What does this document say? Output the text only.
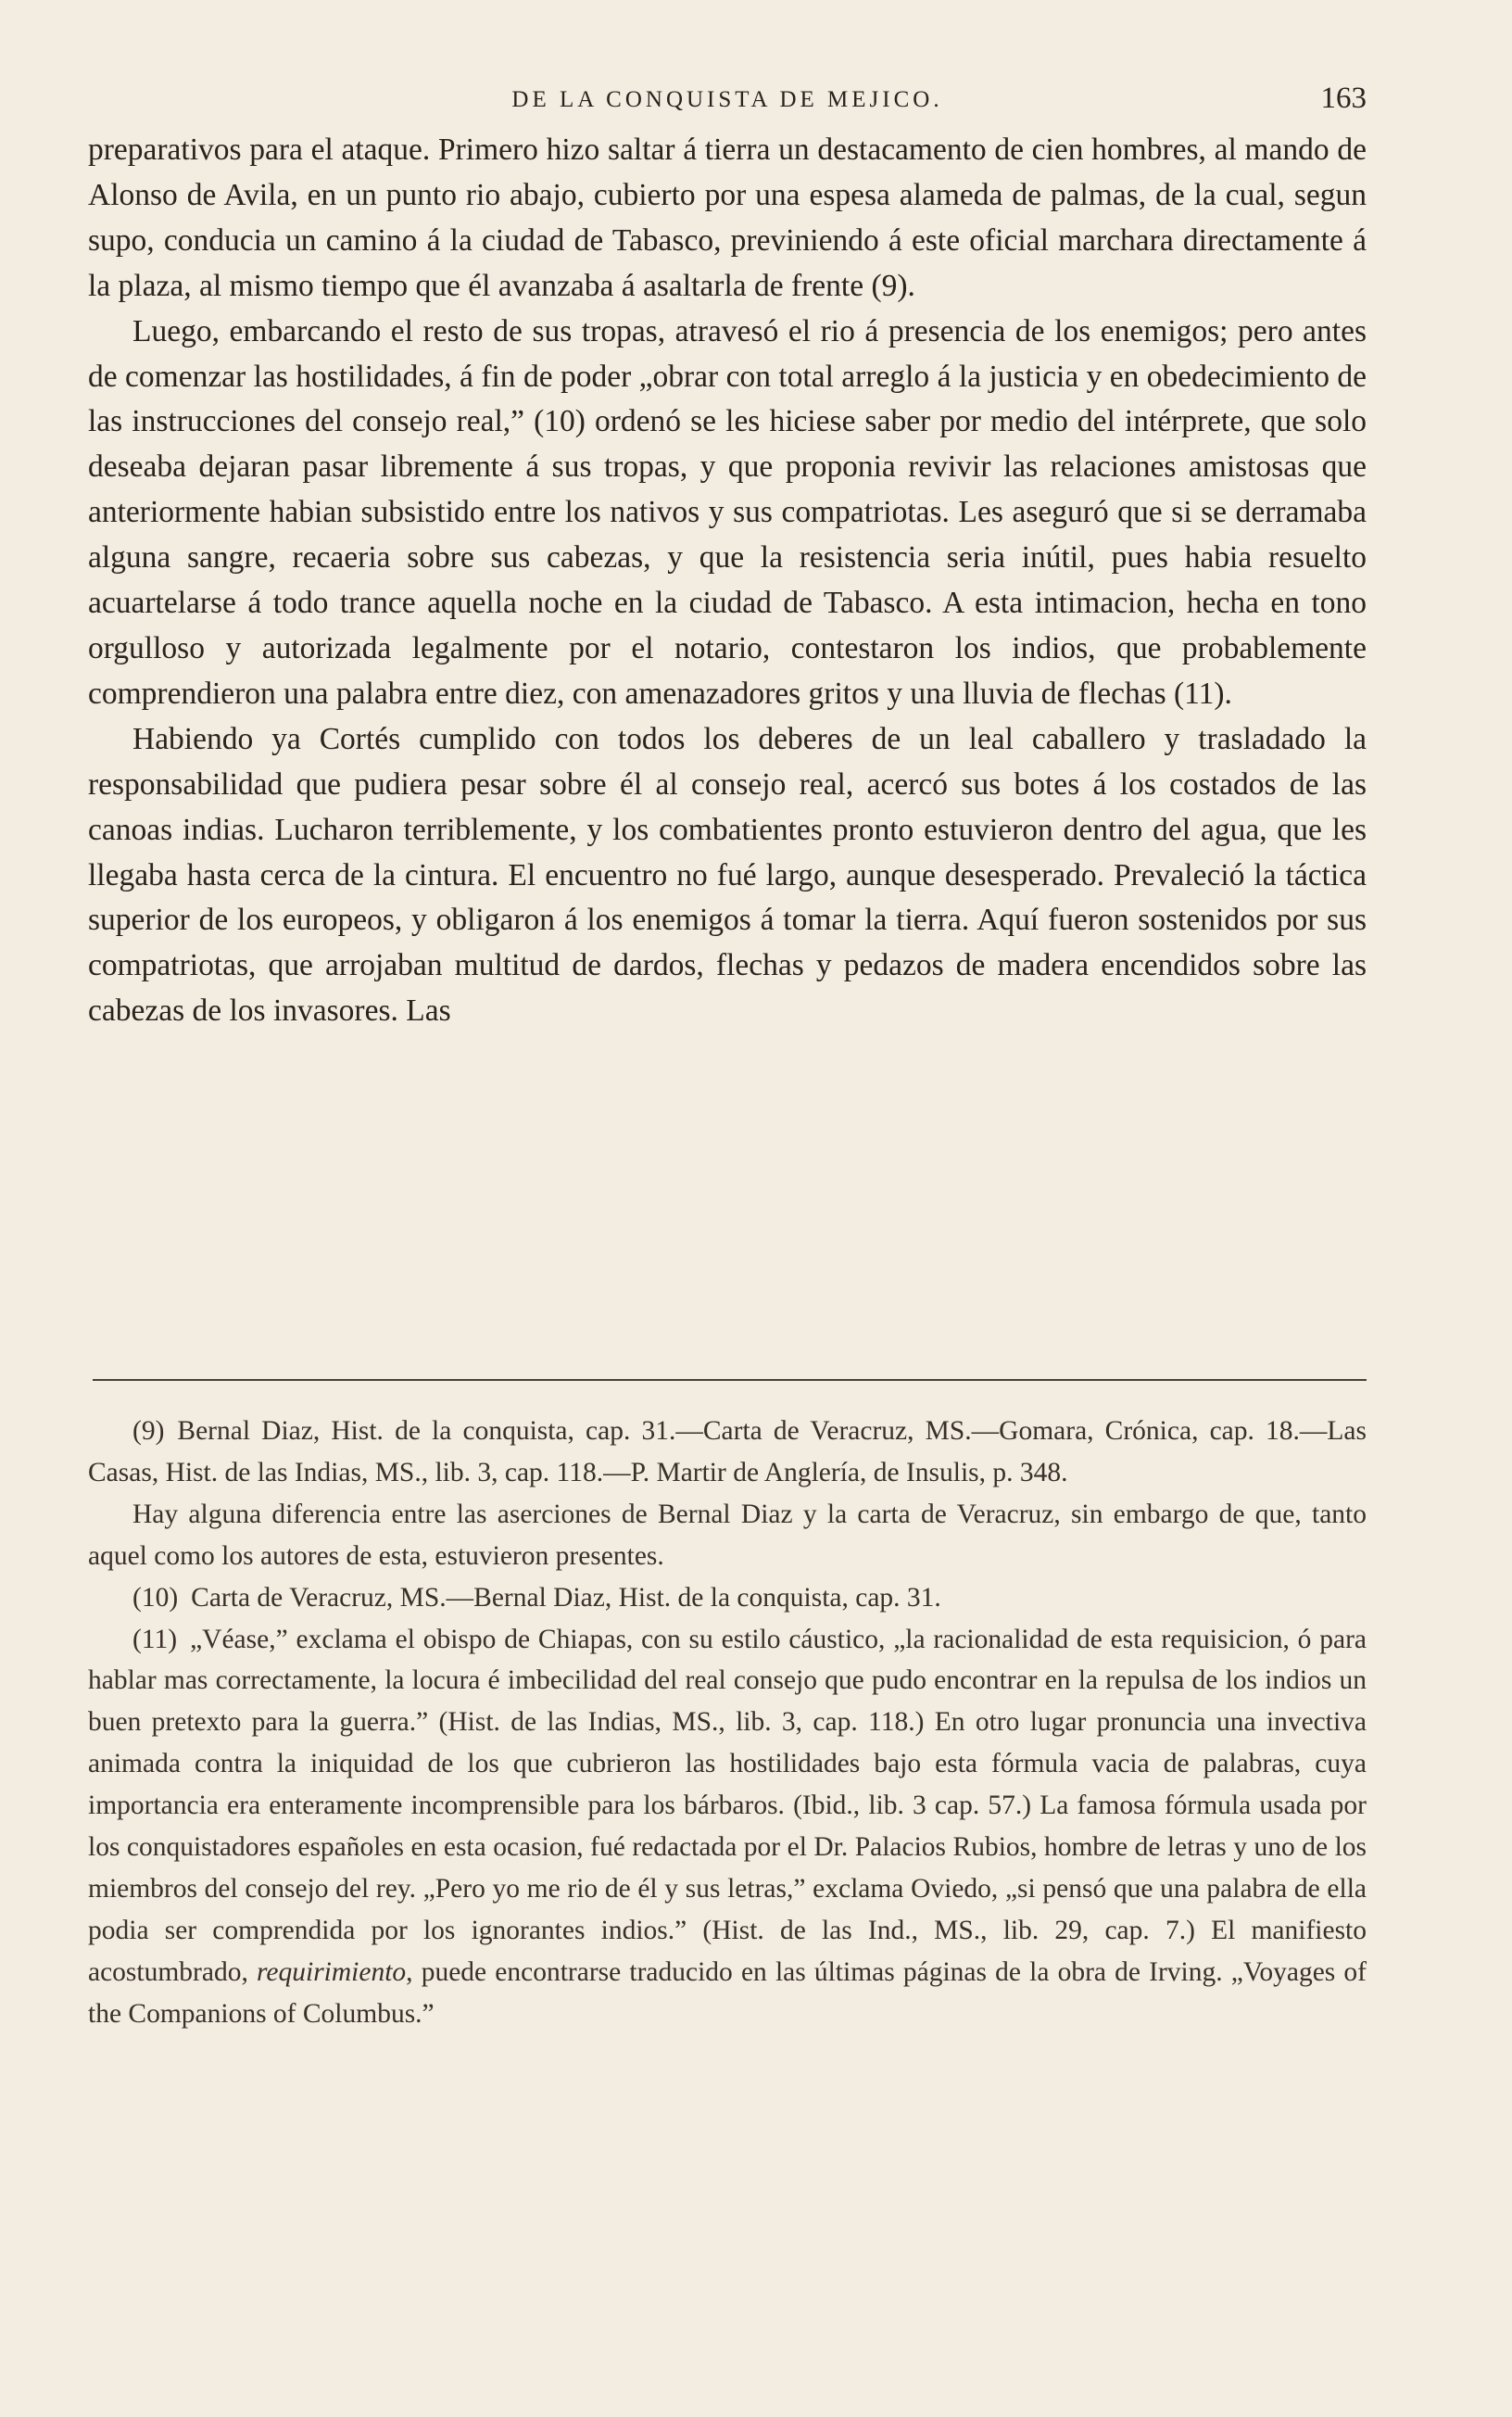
DE LA CONQUISTA DE MEJICO.	163

preparativos para el ataque. Primero hizo saltar á tierra un destacamento de cien hombres, al mando de Alonso de Avila, en un punto rio abajo, cubierto por una espesa alameda de palmas, de la cual, segun supo, conducia un camino á la ciudad de Tabasco, previniendo á este oficial marchara directamente á la plaza, al mismo tiempo que él avanzaba á asaltarla de frente (9).

Luego, embarcando el resto de sus tropas, atravesó el rio á presencia de los enemigos; pero antes de comenzar las hostilidades, á fin de poder „obrar con total arreglo á la justicia y en obedecimiento de las instrucciones del consejo real,” (10) ordenó se les hiciese saber por medio del intérprete, que solo deseaba dejaran pasar libremente á sus tropas, y que proponia revivir las relaciones amistosas que anteriormente habian subsistido entre los nativos y sus compatriotas. Les aseguró que si se derramaba alguna sangre, recaeria sobre sus cabezas, y que la resistencia seria inútil, pues habia resuelto acuartelarse á todo trance aquella noche en la ciudad de Tabasco. A esta intimacion, hecha en tono orgulloso y autorizada legalmente por el notario, contestaron los indios, que probablemente comprendieron una palabra entre diez, con amenazadores gritos y una lluvia de flechas (11).

Habiendo ya Cortés cumplido con todos los deberes de un leal caballero y trasladado la responsabilidad que pudiera pesar sobre él al consejo real, acercó sus botes á los costados de las canoas indias. Lucharon terriblemente, y los combatientes pronto estuvieron dentro del agua, que les llegaba hasta cerca de la cintura. El encuentro no fué largo, aunque desesperado. Prevaleció la táctica superior de los europeos, y obligaron á los enemigos á tomar la tierra. Aquí fueron sostenidos por sus compatriotas, que arrojaban multitud de dardos, flechas y pedazos de madera encendidos sobre las cabezas de los invasores. Las

(9) Bernal Diaz, Hist. de la conquista, cap. 31.—Carta de Veracruz, MS.—Gomara, Crónica, cap. 18.—Las Casas, Hist. de las Indias, MS., lib. 3, cap. 118.—P. Martir de Anglería, de Insulis, p. 348.

Hay alguna diferencia entre las aserciones de Bernal Diaz y la carta de Veracruz, sin embargo de que, tanto aquel como los autores de esta, estuvieron presentes.

(10) Carta de Veracruz, MS.—Bernal Diaz, Hist. de la conquista, cap. 31.

(11) „Véase,” exclama el obispo de Chiapas, con su estilo cáustico, „la racionalidad de esta requisicion, ó para hablar mas correctamente, la locura é imbecilidad del real consejo que pudo encontrar en la repulsa de los indios un buen pretexto para la guerra.” (Hist. de las Indias, MS., lib. 3, cap. 118.) En otro lugar pronuncia una invectiva animada contra la iniquidad de los que cubrieron las hostilidades bajo esta fórmula vacia de palabras, cuya importancia era enteramente incomprensible para los bárbaros. (Ibid., lib. 3 cap. 57.) La famosa fórmula usada por los conquistadores españoles en esta ocasion, fué redactada por el Dr. Palacios Rubios, hombre de letras y uno de los miembros del consejo del rey. „Pero yo me rio de él y sus letras,” exclama Oviedo, „si pensó que una palabra de ella podia ser comprendida por los ignorantes indios.” (Hist. de las Ind., MS., lib. 29, cap. 7.) El manifiesto acostumbrado, requirimiento, puede encontrarse traducido en las últimas páginas de la obra de Irving. „Voyages of the Companions of Columbus.”
